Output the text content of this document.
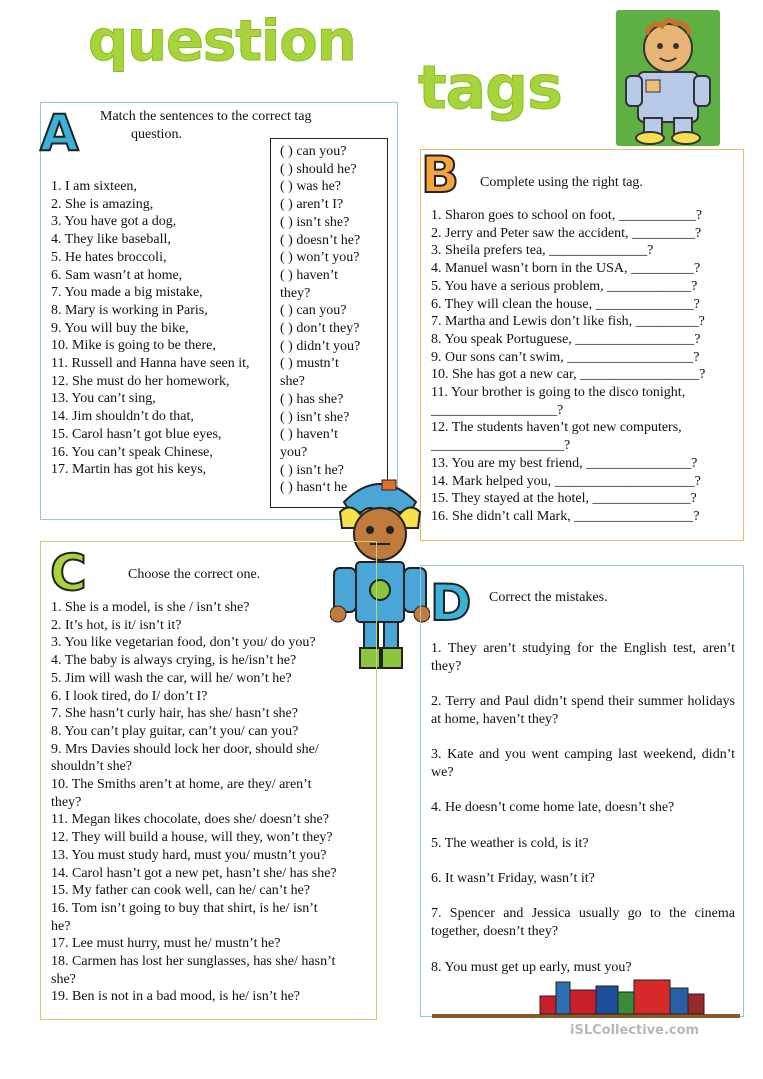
question
tags
A Match the sentences to the correct tag
question.
1. I am sixteen,
2. She is amazing,
3. You have got a dog,
4. They like baseball,
5. He hates broccoli,
6. Sam wasn’t at home,
7. You made a big mistake,
8. Mary is working in Paris,
9. You will buy the bike,
10. Mike is going to be there,
11. Russell and Hanna have seen it,
12. She must do her homework,
13. You can’t sing,
14. Jim shouldn’t do that,
15. Carol hasn’t got blue eyes,
16. You can’t speak Chinese,
17. Martin has got his keys,
( ) can you?
( ) should he?
( ) was he?
( ) aren’t I?
( ) isn’t she?
( ) doesn’t he?
( ) won’t you?
( ) haven’t
they?
( ) can you?
( ) don’t they?
( ) didn’t you?
( ) mustn’t
she?
( ) has she?
( ) isn’t she?
( ) haven’t
you?
( ) isn’t he?
( ) hasn‘t he
B Complete using the right tag.
1. Sharon goes to school on foot, ___________?
2. Jerry and Peter saw the accident, _________?
3. Sheila prefers tea, ______________?
4. Manuel wasn’t born in the USA, _________?
5. You have a serious problem, ____________?
6. They will clean the house, ______________?
7. Martha and Lewis don’t like fish, _________?
8. You speak Portuguese, _________________?
9. Our sons can’t swim, __________________?
10. She has got a new car, _________________?
11. Your brother is going to the disco tonight,
__________________?
12. The students haven’t got new computers,
___________________?
13. You are my best friend, _______________?
14. Mark helped you, ____________________?
15. They stayed at the hotel, ______________?
16. She didn’t call Mark, _________________?
C	Choose the correct one.
1. She is a model, is she / isn’t she?
2. It’s hot, is it/ isn’t it?
3. You like vegetarian food, don’t you/ do you?
4. The baby is always crying, is he/isn’t he?
5. Jim will wash the car, will he/ won’t he?
6. I look tired, do I/ don’t I?
7. She hasn’t curly hair, has she/ hasn’t she?
8. You can’t play guitar, can’t you/ can you?
9. Mrs Davies should lock her door, should she/
shouldn’t she?
10. The Smiths aren’t at home, are they/ aren’t
they?
11. Megan likes chocolate, does she/ doesn’t she?
12. They will build a house, will they, won’t they?
13. You must study hard, must you/ mustn’t you?
14. Carol hasn’t got a new pet, hasn’t she/ has she?
15. My father can cook well, can he/ can’t he?
16. Tom isn’t going to buy that shirt, is he/ isn’t
he?
17. Lee must hurry, must he/ mustn’t he?
18. Carmen has lost her sunglasses, has she/ hasn’t
she?
19. Ben is not in a bad mood, is he/ isn’t he?
D Correct the mistakes.
1. They aren’t studying for the English test, aren’t they?
2. Terry and Paul didn’t spend their summer holidays at home, haven’t they?
3. Kate and you went camping last weekend, didn’t we?
4. He doesn’t come home late, doesn’t she?
5. The weather is cold, is it?
6. It wasn’t Friday, wasn’t it?
7. Spencer and Jessica usually go to the cinema together, doesn’t they?
8. You must get up early, must you?
iSLCollective.com
